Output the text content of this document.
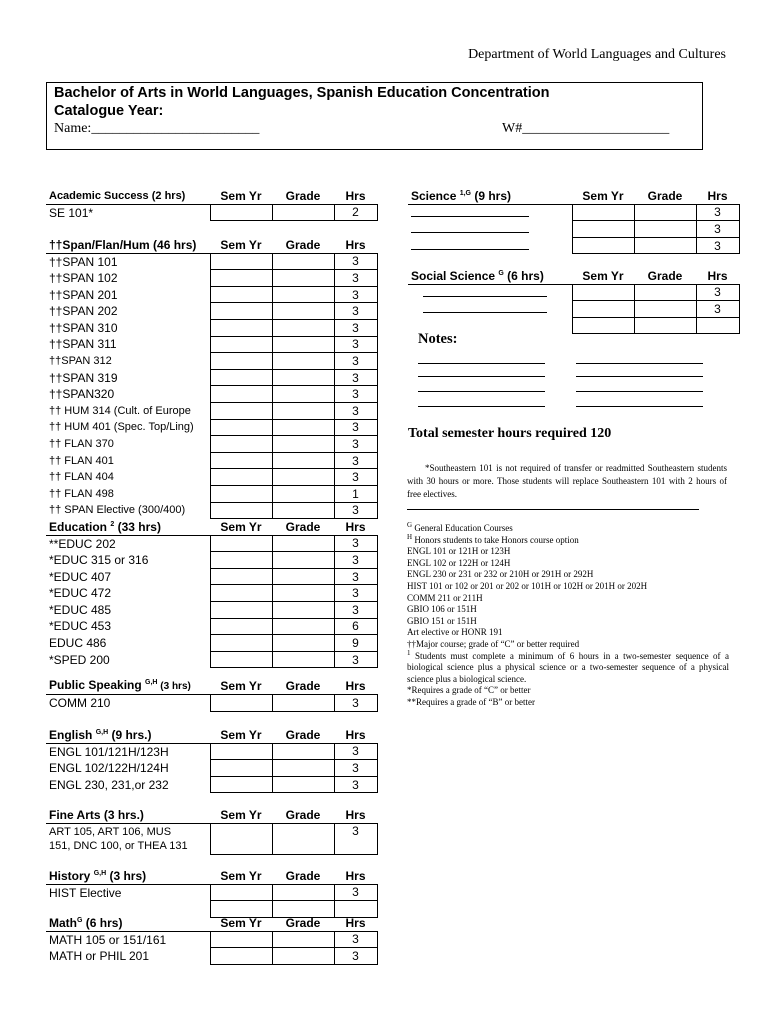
Department of World Languages and Cultures
Bachelor of Arts in World Languages, Spanish Education Concentration
Catalogue Year:
Name:________________________	W#_____________________
Academic Success (2 hrs)	Sem Yr	Grade	Hrs
SE 101*			2
††Span/Flan/Hum (46 hrs)	Sem Yr	Grade	Hrs
††SPAN 101			3
††SPAN 102			3
††SPAN 201			3
††SPAN 202			3
††SPAN 310			3
††SPAN 311			3
††SPAN 312			3
††SPAN 319			3
††SPAN320			3
†† HUM 314 (Cult. of Europe			3
†† HUM 401 (Spec. Top/Ling)			3
†† FLAN 370			3
†† FLAN 401			3
†† FLAN 404			3
†† FLAN 498			1
†† SPAN Elective (300/400)			3
Education $^2$ (33 hrs)	Sem Yr	Grade	Hrs
**EDUC 202			3
*EDUC 315 or 316			3
*EDUC 407			3
*EDUC 472			3
*EDUC 485			3
*EDUC 453			6
EDUC 486			9
*SPED 200			3
Public Speaking $^{G,H}$ (3 hrs)	Sem Yr	Grade	Hrs
COMM 210			3
English $^{G,H}$ (9 hrs.)	Sem Yr	Grade	Hrs
ENGL 101/121H/123H			3
ENGL 102/122H/124H			3
ENGL 230, 231,or 232			3
Fine Arts (3 hrs.)	Sem Yr	Grade	Hrs

ART 105, ART 106, MUS
151, DNC 100, or THEA 131			3
History $^{G,H}$ (3 hrs)	Sem Yr	Grade	Hrs
HIST Elective			3

Math$^G$ (6 hrs)	Sem Yr	Grade	Hrs
MATH 105 or 151/161			3
MATH or PHIL 201			3
Science $^{1,G}$ (9 hrs)	Sem Yr	Grade	Hrs
			3
			3
			3
Social Science $^G$ (6 hrs)	Sem Yr	Grade	Hrs
			3
			3

Notes:
Total semester hours required 120
*Southeastern 101 is not required of transfer or readmitted Southeastern students with 30 hours or more. Those students will replace Southeastern 101 with 2 hours of free electives.
$^G$ General Education Courses
$^H$ Honors students to take Honors course option
ENGL 101 or 121H or 123H
ENGL 102 or 122H or 124H
ENGL 230 or 231 or 232 or 210H or 291H or 292H
HIST 101 or 102 or 201 or 202 or 101H or 102H or 201H or 202H
COMM 211 or 211H
GBIO 106 or 151H
GBIO 151 or 151H
Art elective or HONR 191
††Major course; grade of “C” or better required
$^1$ Students must complete a minimum of 6 hours in a two-semester sequence of a biological science plus a physical science or a two-semester sequence of a physical science plus a biological science.
*Requires a grade of “C” or better
**Requires a grade of “B” or better
